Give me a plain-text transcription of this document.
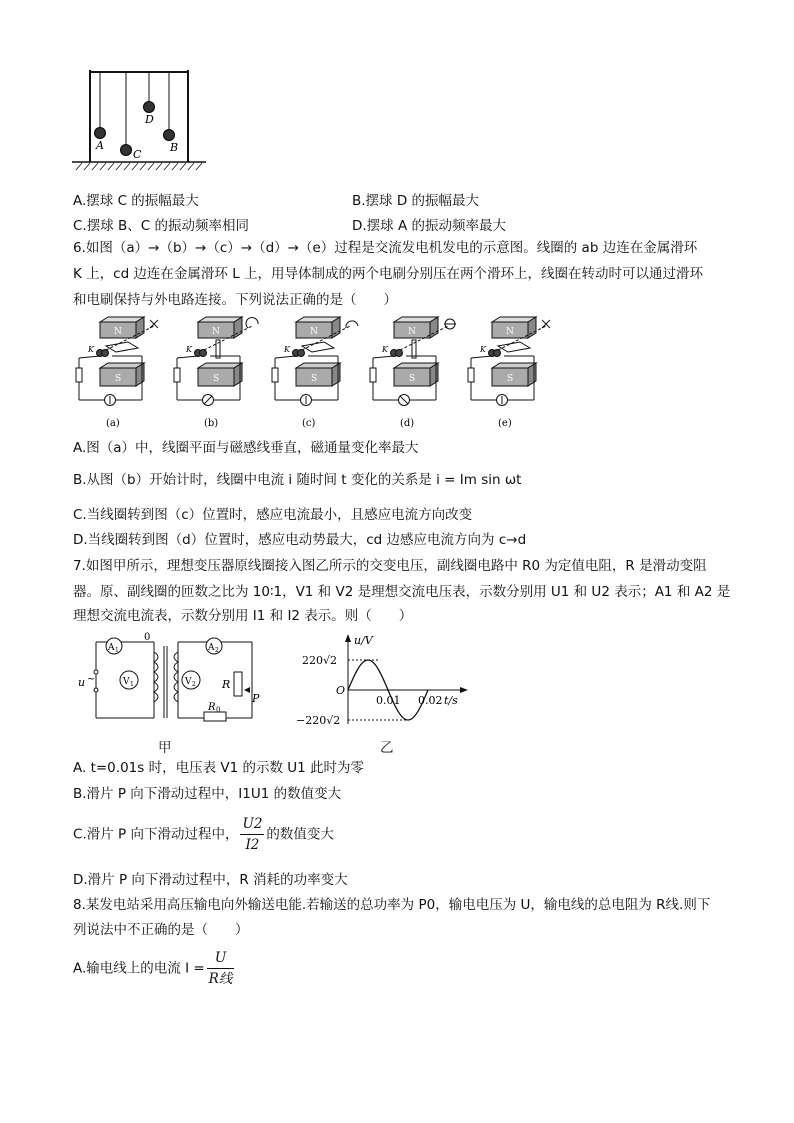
A
C
D
B
A.摆球 C 的振幅最大	B.摆球 D 的振幅最大
C.摆球 B、C 的振动频率相同	D.摆球 A 的振动频率最大
6.如图（a）→（b）→（c）→（d）→（e）过程是交流发电机发电的示意图。线圈的 ab 边连在金属滑环
K 上，cd 边连在金属滑环 L 上，用导体制成的两个电刷分别压在两个滑环上，线圈在转动时可以通过滑环
和电刷保持与外电路连接。下列说法正确的是（　　）
(a)	(b)	(c)	(d)	(e)
A.图（a）中，线圈平面与磁感线垂直，磁通量变化率最大
B.从图（b）开始计时，线圈中电流 i 随时间 t 变化的关系是 i = Im sin ωt
C.当线圈转到图（c）位置时，感应电流最小，且感应电流方向改变
D.当线圈转到图（d）位置时，感应电动势最大，cd 边感应电流方向为 c→d
7.如图甲所示，理想变压器原线圈接入图乙所示的交变电压，副线圈电路中 R0 为定值电阻，R 是滑动变阻
器。原、副线圈的匝数之比为 10∶1，V1 和 V2 是理想交流电压表，示数分别用 U1 和 U2 表示；A1 和 A2 是
理想交流电流表，示数分别用 I1 和 I2 表示。则（　　）
u ~
A 1
V 1
0
A 2
V 2 R
P
R 0
甲
u/V
t/s
220√2
−220√2
O
0.01 0.02
乙
A. t=0.01s 时，电压表 V1 的示数 U1 此时为零
B.滑片 P 向下滑动过程中，I1U1 的数值变大
C.滑片 P 向下滑动过程中， $\frac{U2}{I2}$ 的数值变大
D.滑片 P 向下滑动过程中，R 消耗的功率变大
8.某发电站采用高压输电向外输送电能.若输送的总功率为 P0，输电电压为 U，输电线的总电阻为 R线.则下
列说法中不正确的是（　　）
A.输电线上的电流 $I = \frac{U}{\text{R线}}$
